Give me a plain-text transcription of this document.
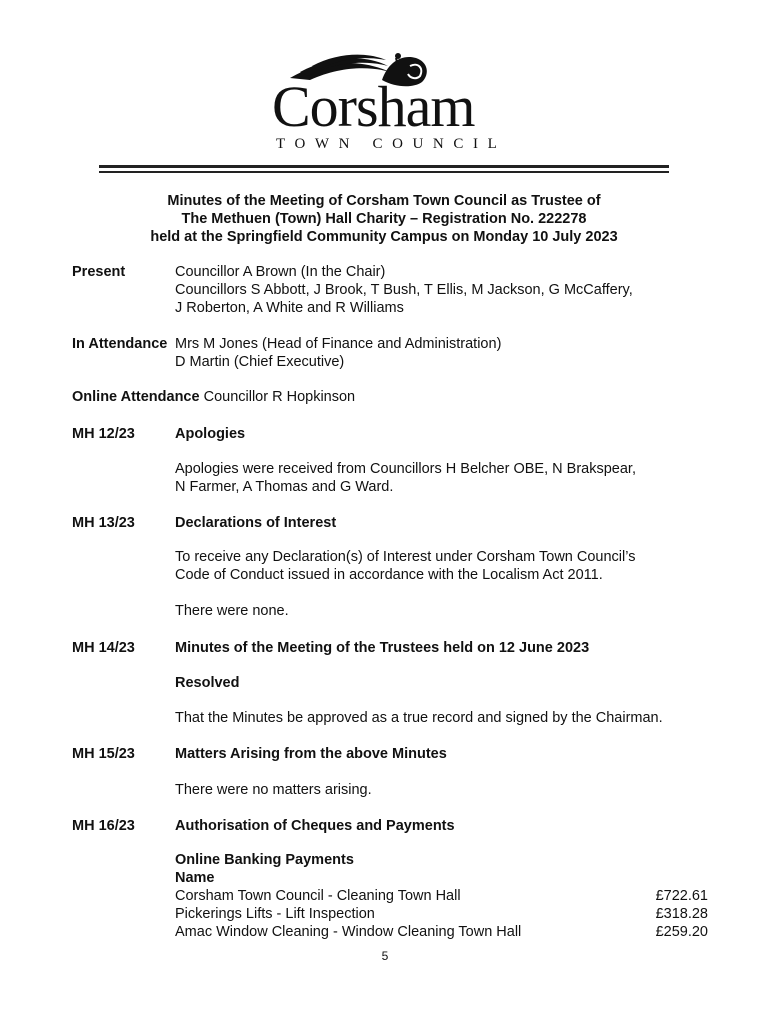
Corsham
TOWN COUNCIL
Minutes of the Meeting of Corsham Town Council as Trustee of
The Methuen (Town) Hall Charity – Registration No. 222278
held at the Springfield Community Campus on Monday 10 July 2023
Present	Councillor A Brown (In the Chair)
Councillors S Abbott, J Brook, T Bush, T Ellis, M Jackson, G McCaffery,
J Roberton, A White and R Williams
In Attendance Mrs M Jones (Head of Finance and Administration)
D Martin (Chief Executive)
Online Attendance Councillor R Hopkinson
MH 12/23	Apologies
Apologies were received from Councillors H Belcher OBE, N Brakspear,
N Farmer, A Thomas and G Ward.
MH 13/23	Declarations of Interest
To receive any Declaration(s) of Interest under Corsham Town Council’s
Code of Conduct issued in accordance with the Localism Act 2011.
There were none.
MH 14/23	Minutes of the Meeting of the Trustees held on 12 June 2023
Resolved
That the Minutes be approved as a true record and signed by the Chairman.
MH 15/23	Matters Arising from the above Minutes
There were no matters arising.
MH 16/23	Authorisation of Cheques and Payments
Online Banking Payments
Name
Corsham Town Council - Cleaning Town Hall	£722.61
Pickerings Lifts - Lift Inspection	£318.28
Amac Window Cleaning - Window Cleaning Town Hall	£259.20
5
